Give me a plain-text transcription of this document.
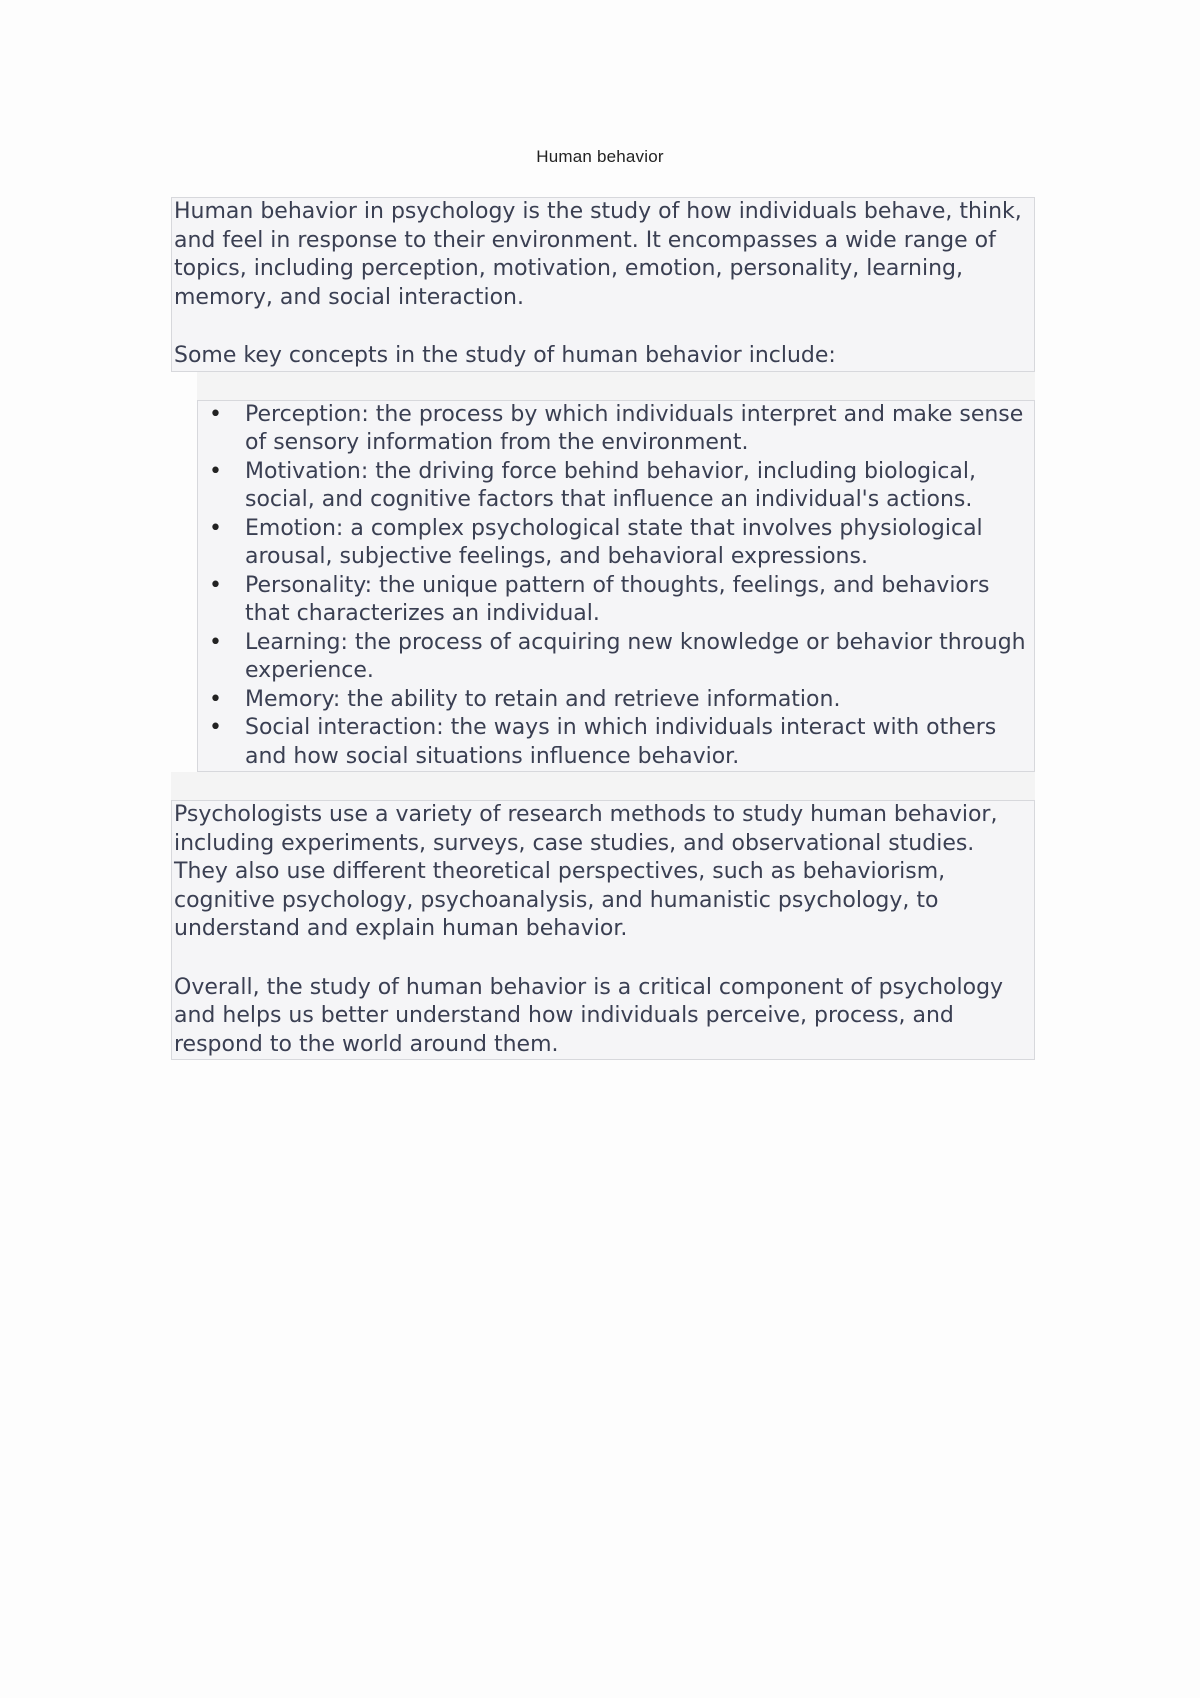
Human behavior

Human behavior in psychology is the study of how individuals behave, think, and feel in response to their environment. It encompasses a wide range of topics, including perception, motivation, emotion, personality, learning, memory, and social interaction.

Some key concepts in the study of human behavior include:

• Perception: the process by which individuals interpret and make sense of sensory information from the environment.
• Motivation: the driving force behind behavior, including biological, social, and cognitive factors that influence an individual's actions.
• Emotion: a complex psychological state that involves physiological arousal, subjective feelings, and behavioral expressions.
• Personality: the unique pattern of thoughts, feelings, and behaviors that characterizes an individual.
• Learning: the process of acquiring new knowledge or behavior through experience.
• Memory: the ability to retain and retrieve information.
• Social interaction: the ways in which individuals interact with others and how social situations influence behavior.

Psychologists use a variety of research methods to study human behavior, including experiments, surveys, case studies, and observational studies. They also use different theoretical perspectives, such as behaviorism, cognitive psychology, psychoanalysis, and humanistic psychology, to understand and explain human behavior.

Overall, the study of human behavior is a critical component of psychology and helps us better understand how individuals perceive, process, and respond to the world around them.
